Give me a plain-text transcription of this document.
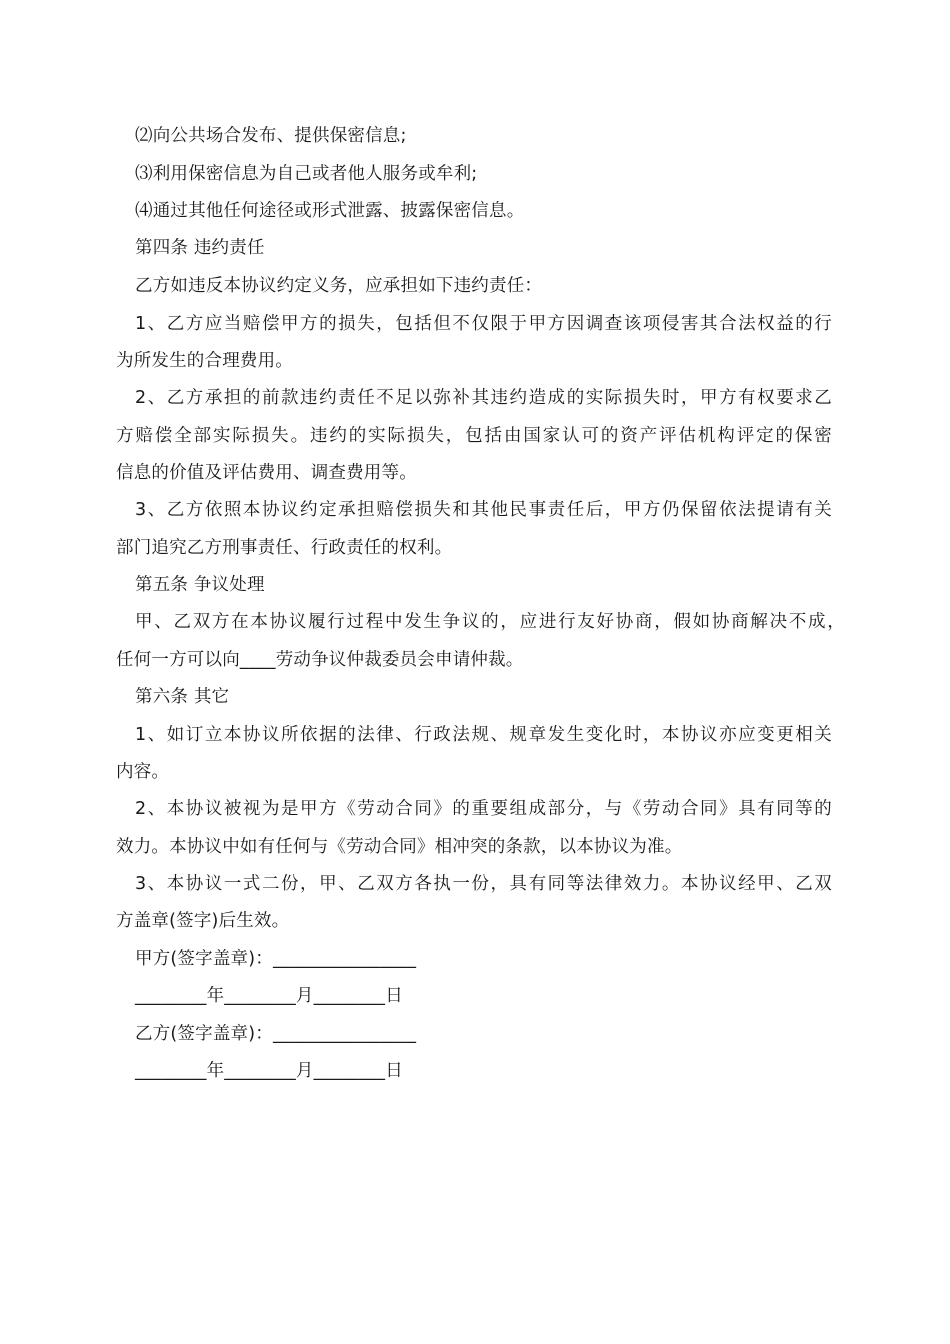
⑵向公共场合发布、提供保密信息;
⑶利用保密信息为自己或者他人服务或牟利;
⑷通过其他任何途径或形式泄露、披露保密信息。
第四条 违约责任
乙方如违反本协议约定义务，应承担如下违约责任：
1、乙方应当赔偿甲方的损失，包括但不仅限于甲方因调查该项侵害其合法权益的行
为所发生的合理费用。
2、乙方承担的前款违约责任不足以弥补其违约造成的实际损失时，甲方有权要求乙
方赔偿全部实际损失。违约的实际损失，包括由国家认可的资产评估机构评定的保密
信息的价值及评估费用、调查费用等。
3、乙方依照本协议约定承担赔偿损失和其他民事责任后，甲方仍保留依法提请有关
部门追究乙方刑事责任、行政责任的权利。
第五条 争议处理
甲、乙双方在本协议履行过程中发生争议的，应进行友好协商，假如协商解决不成，
任何一方可以向____劳动争议仲裁委员会申请仲裁。
第六条 其它
1、如订立本协议所依据的法律、行政法规、规章发生变化时，本协议亦应变更相关
内容。
2、本协议被视为是甲方《劳动合同》的重要组成部分，与《劳动合同》具有同等的
效力。本协议中如有任何与《劳动合同》相冲突的条款，以本协议为准。
3、本协议一式二份，甲、乙双方各执一份，具有同等法律效力。本协议经甲、乙双
方盖章(签字)后生效。
甲方(签字盖章)：________________
________年________月________日
乙方(签字盖章)：________________
________年________月________日
